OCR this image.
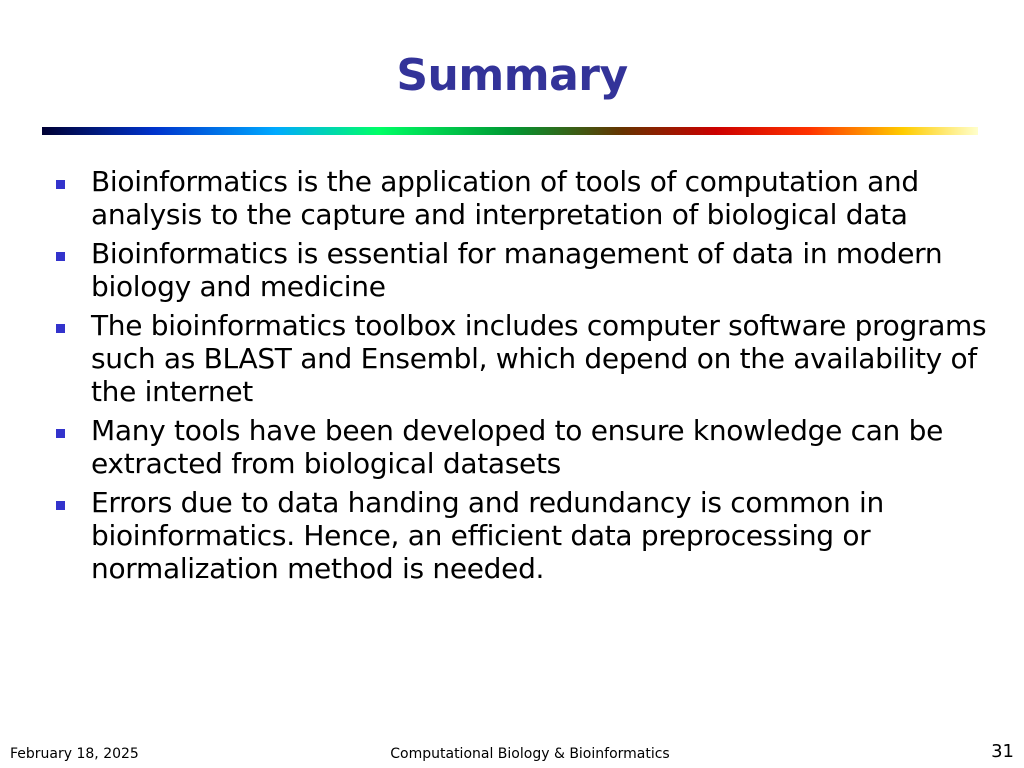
Summary
Bioinformatics is the application of tools of computation and analysis to the capture and interpretation of biological data
Bioinformatics is essential for management of data in modern biology and medicine
The bioinformatics toolbox includes computer software programs such as BLAST and Ensembl, which depend on the availability of the internet
Many tools have been developed to ensure knowledge can be extracted from biological datasets
Errors due to data handing and redundancy is common in bioinformatics. Hence, an efficient data preprocessing or normalization method is needed.
February 18, 2025	Computational Biology & Bioinformatics	31
